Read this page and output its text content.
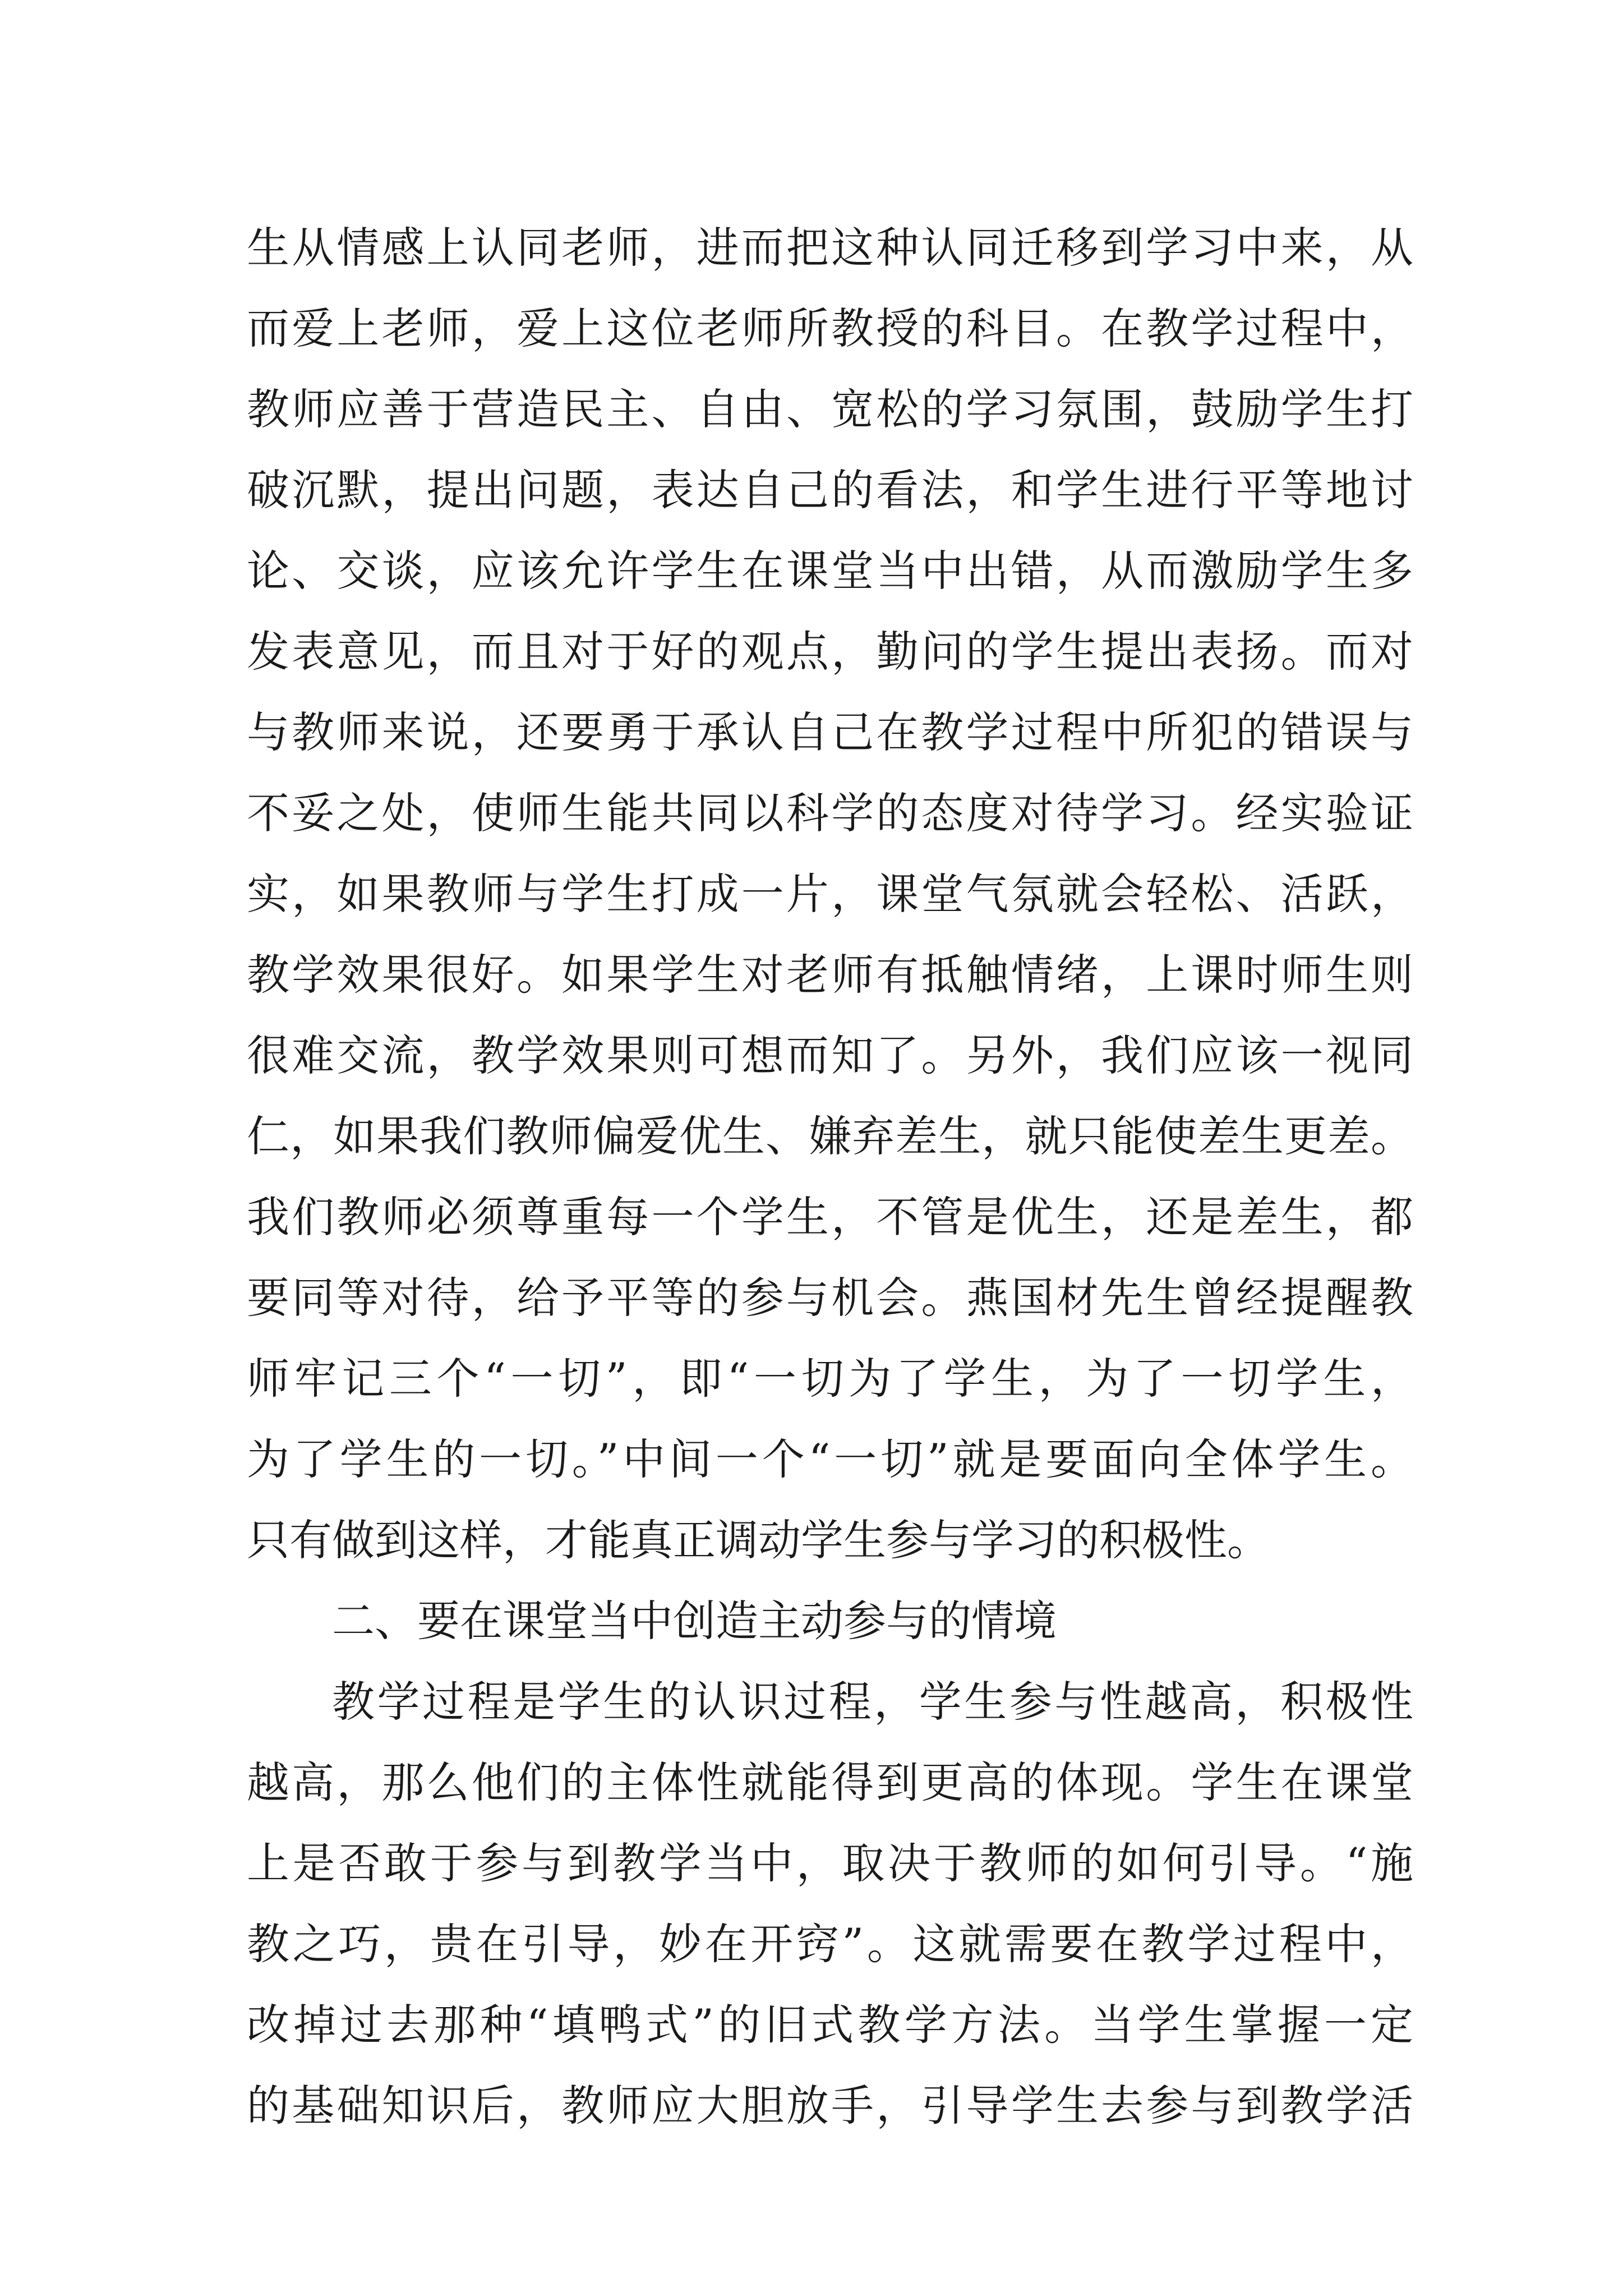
生从情感上认同老师，进而把这种认同迁移到学习中来，从
而爱上老师，爱上这位老师所教授的科目。在教学过程中，
教师应善于营造民主、自由、宽松的学习氛围，鼓励学生打
破沉默，提出问题，表达自己的看法，和学生进行平等地讨
论、交谈，应该允许学生在课堂当中出错，从而激励学生多
发表意见，而且对于好的观点，勤问的学生提出表扬。而对
与教师来说，还要勇于承认自己在教学过程中所犯的错误与
不妥之处，使师生能共同以科学的态度对待学习。经实验证
实，如果教师与学生打成一片，课堂气氛就会轻松、活跃，
教学效果很好。如果学生对老师有抵触情绪，上课时师生则
很难交流，教学效果则可想而知了。另外，我们应该一视同
仁，如果我们教师偏爱优生、嫌弃差生，就只能使差生更差。
我们教师必须尊重每一个学生，不管是优生，还是差生，都
要同等对待，给予平等的参与机会。燕国材先生曾经提醒教
师牢记三个“一切”，即“一切为了学生，为了一切学生，
为了学生的一切。”中间一个“一切”就是要面向全体学生。
只有做到这样，才能真正调动学生参与学习的积极性。
二、要在课堂当中创造主动参与的情境
教学过程是学生的认识过程，学生参与性越高，积极性
越高，那么他们的主体性就能得到更高的体现。学生在课堂
上是否敢于参与到教学当中，取决于教师的如何引导。“施
教之巧，贵在引导，妙在开窍”。这就需要在教学过程中，
改掉过去那种“填鸭式”的旧式教学方法。当学生掌握一定
的基础知识后，教师应大胆放手，引导学生去参与到教学活
